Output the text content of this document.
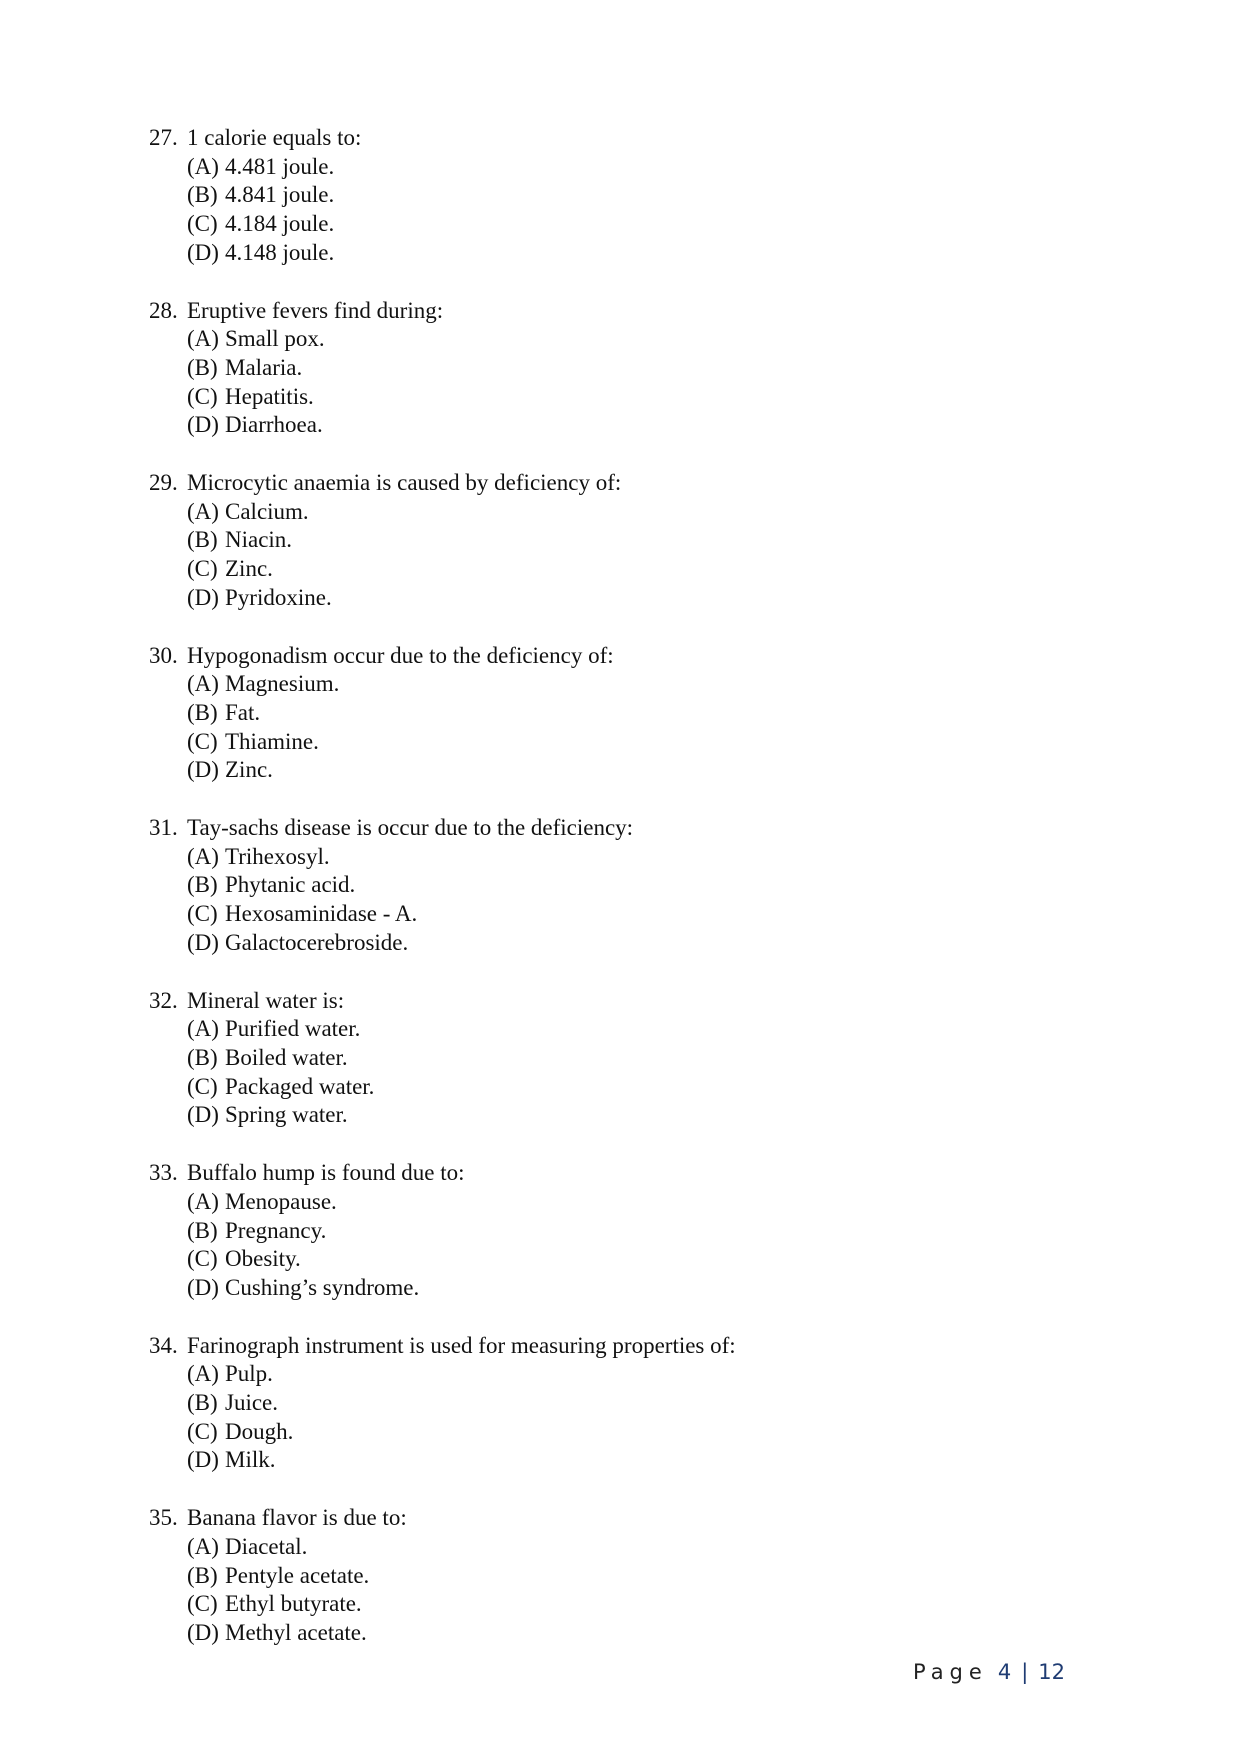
27. 1 calorie equals to:
(A) 4.481 joule.
(B) 4.841 joule.
(C) 4.184 joule.
(D) 4.148 joule.
28. Eruptive fevers find during:
(A) Small pox.
(B) Malaria.
(C) Hepatitis.
(D) Diarrhoea.
29. Microcytic anaemia is caused by deficiency of:
(A) Calcium.
(B) Niacin.
(C) Zinc.
(D) Pyridoxine.
30. Hypogonadism occur due to the deficiency of:
(A) Magnesium.
(B) Fat.
(C) Thiamine.
(D) Zinc.
31. Tay-sachs disease is occur due to the deficiency:
(A) Trihexosyl.
(B) Phytanic acid.
(C) Hexosaminidase - A.
(D) Galactocerebroside.
32. Mineral water is:
(A) Purified water.
(B) Boiled water.
(C) Packaged water.
(D) Spring water.
33. Buffalo hump is found due to:
(A) Menopause.
(B) Pregnancy.
(C) Obesity.
(D) Cushing’s syndrome.
34. Farinograph instrument is used for measuring properties of:
(A) Pulp.
(B) Juice.
(C) Dough.
(D) Milk.
35. Banana flavor is due to:
(A) Diacetal.
(B) Pentyle acetate.
(C) Ethyl butyrate.
(D) Methyl acetate.
Page 4 | 12
